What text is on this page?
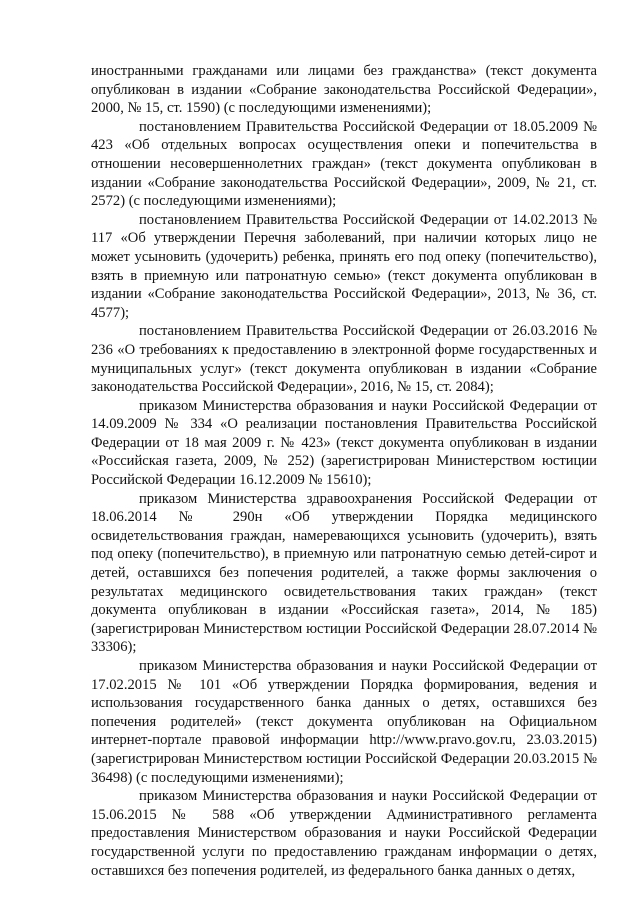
иностранными гражданами или лицами без гражданства» (текст документа опубликован в издании «Собрание законодательства Российской Федерации», 2000, № 15, ст. 1590) (с последующими изменениями);

постановлением Правительства Российской Федерации от 18.05.2009 № 423 «Об отдельных вопросах осуществления опеки и попечительства в отношении несовершеннолетних граждан» (текст документа опубликован в издании «Собрание законодательства Российской Федерации», 2009, № 21, ст. 2572) (с последующими изменениями);

постановлением Правительства Российской Федерации от 14.02.2013 № 117 «Об утверждении Перечня заболеваний, при наличии которых лицо не может усыновить (удочерить) ребенка, принять его под опеку (попечительство), взять в приемную или патронатную семью» (текст документа опубликован в издании «Собрание законодательства Российской Федерации», 2013, № 36, ст. 4577);

постановлением Правительства Российской Федерации от 26.03.2016 № 236 «О требованиях к предоставлению в электронной форме государственных и муниципальных услуг» (текст документа опубликован в издании «Собрание законодательства Российской Федерации», 2016, № 15, ст. 2084);

приказом Министерства образования и науки Российской Федерации от 14.09.2009 № 334 «О реализации постановления Правительства Российской Федерации от 18 мая 2009 г. № 423» (текст документа опубликован в издании «Российская газета, 2009, № 252) (зарегистрирован Министерством юстиции Российской Федерации 16.12.2009 № 15610);

приказом Министерства здравоохранения Российской Федерации от 18.06.2014 № 290н «Об утверждении Порядка медицинского освидетельствования граждан, намеревающихся усыновить (удочерить), взять под опеку (попечительство), в приемную или патронатную семью детей-сирот и детей, оставшихся без попечения родителей, а также формы заключения о результатах медицинского освидетельствования таких граждан» (текст документа опубликован в издании «Российская газета», 2014, № 185) (зарегистрирован Министерством юстиции Российской Федерации 28.07.2014 № 33306);

приказом Министерства образования и науки Российской Федерации от 17.02.2015 № 101 «Об утверждении Порядка формирования, ведения и использования государственного банка данных о детях, оставшихся без попечения родителей» (текст документа опубликован на Официальном интернет-портале правовой информации http://www.pravo.gov.ru, 23.03.2015) (зарегистрирован Министерством юстиции Российской Федерации 20.03.2015 № 36498) (с последующими изменениями);

приказом Министерства образования и науки Российской Федерации от 15.06.2015 № 588 «Об утверждении Административного регламента предоставления Министерством образования и науки Российской Федерации государственной услуги по предоставлению гражданам информации о детях, оставшихся без попечения родителей, из федерального банка данных о детях,
